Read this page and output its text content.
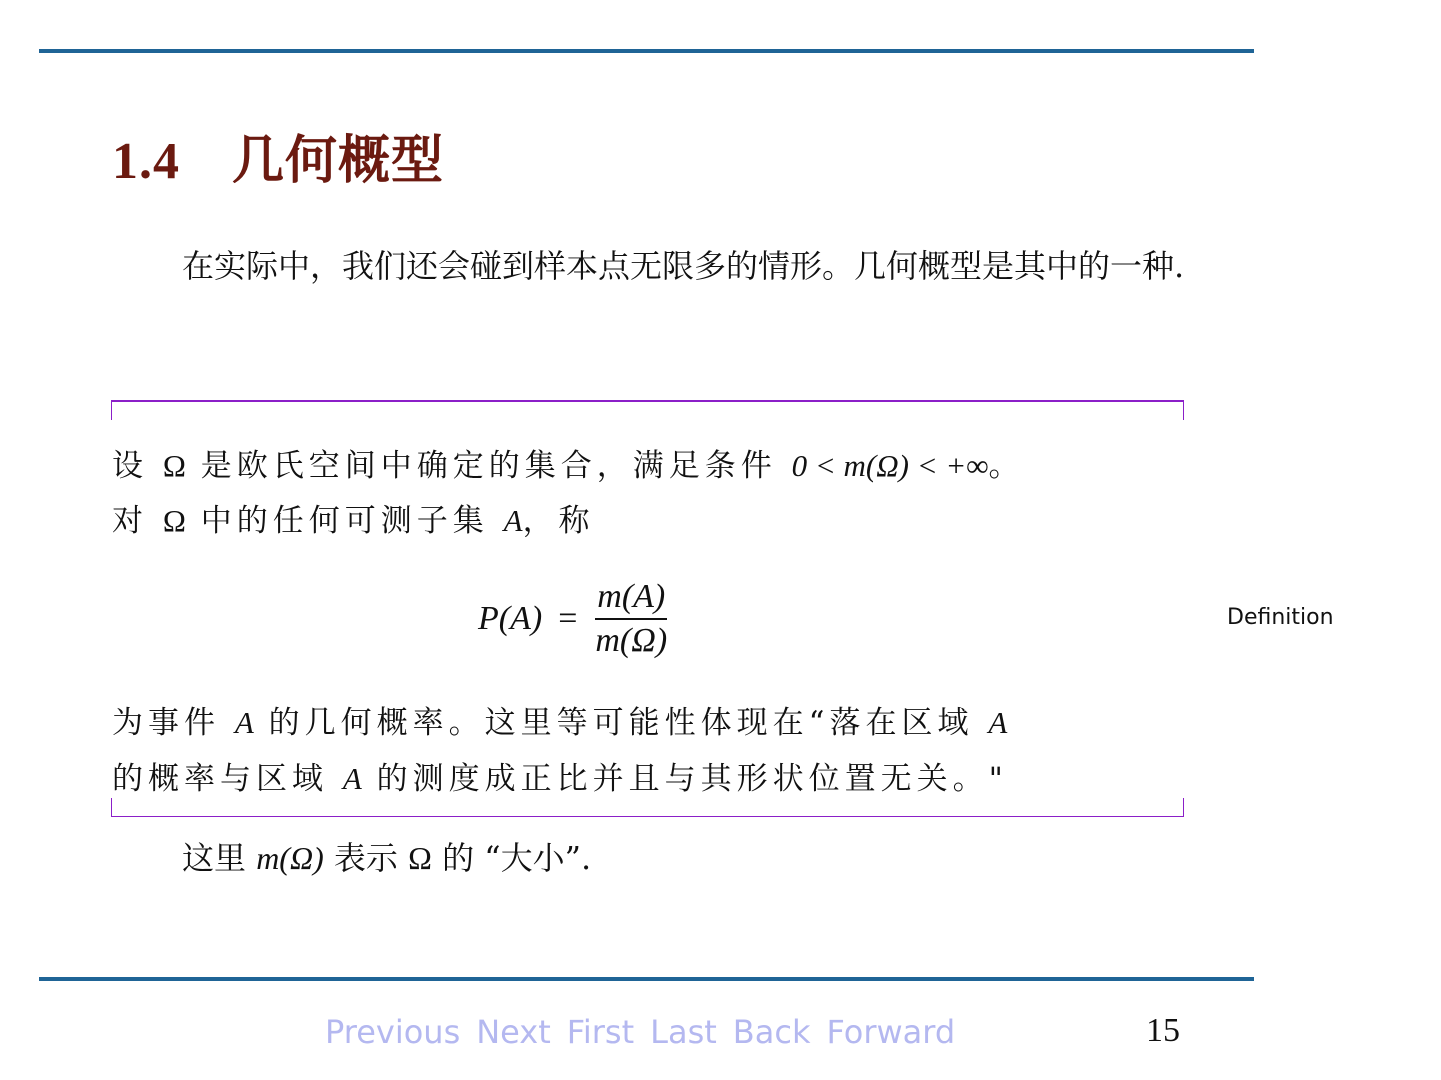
1.4 几何概型
在实际中，我们还会碰到样本点无限多的情形。几何概型是其中的一种.
设 Ω 是欧氏空间中确定的集合，满足条件 0 < m(Ω) < +∞。
对 Ω 中的任何可测子集 A，称
$P(A) = \frac{m(A)}{m(\Omega)}$	Definition
为事件 A 的几何概率。这里等可能性体现在“落在区域 A
的概率与区域 A 的测度成正比并且与其形状位置无关。"
这里 m(Ω) 表示 Ω 的 “大小”.
Previous Next First Last Back Forward	15
